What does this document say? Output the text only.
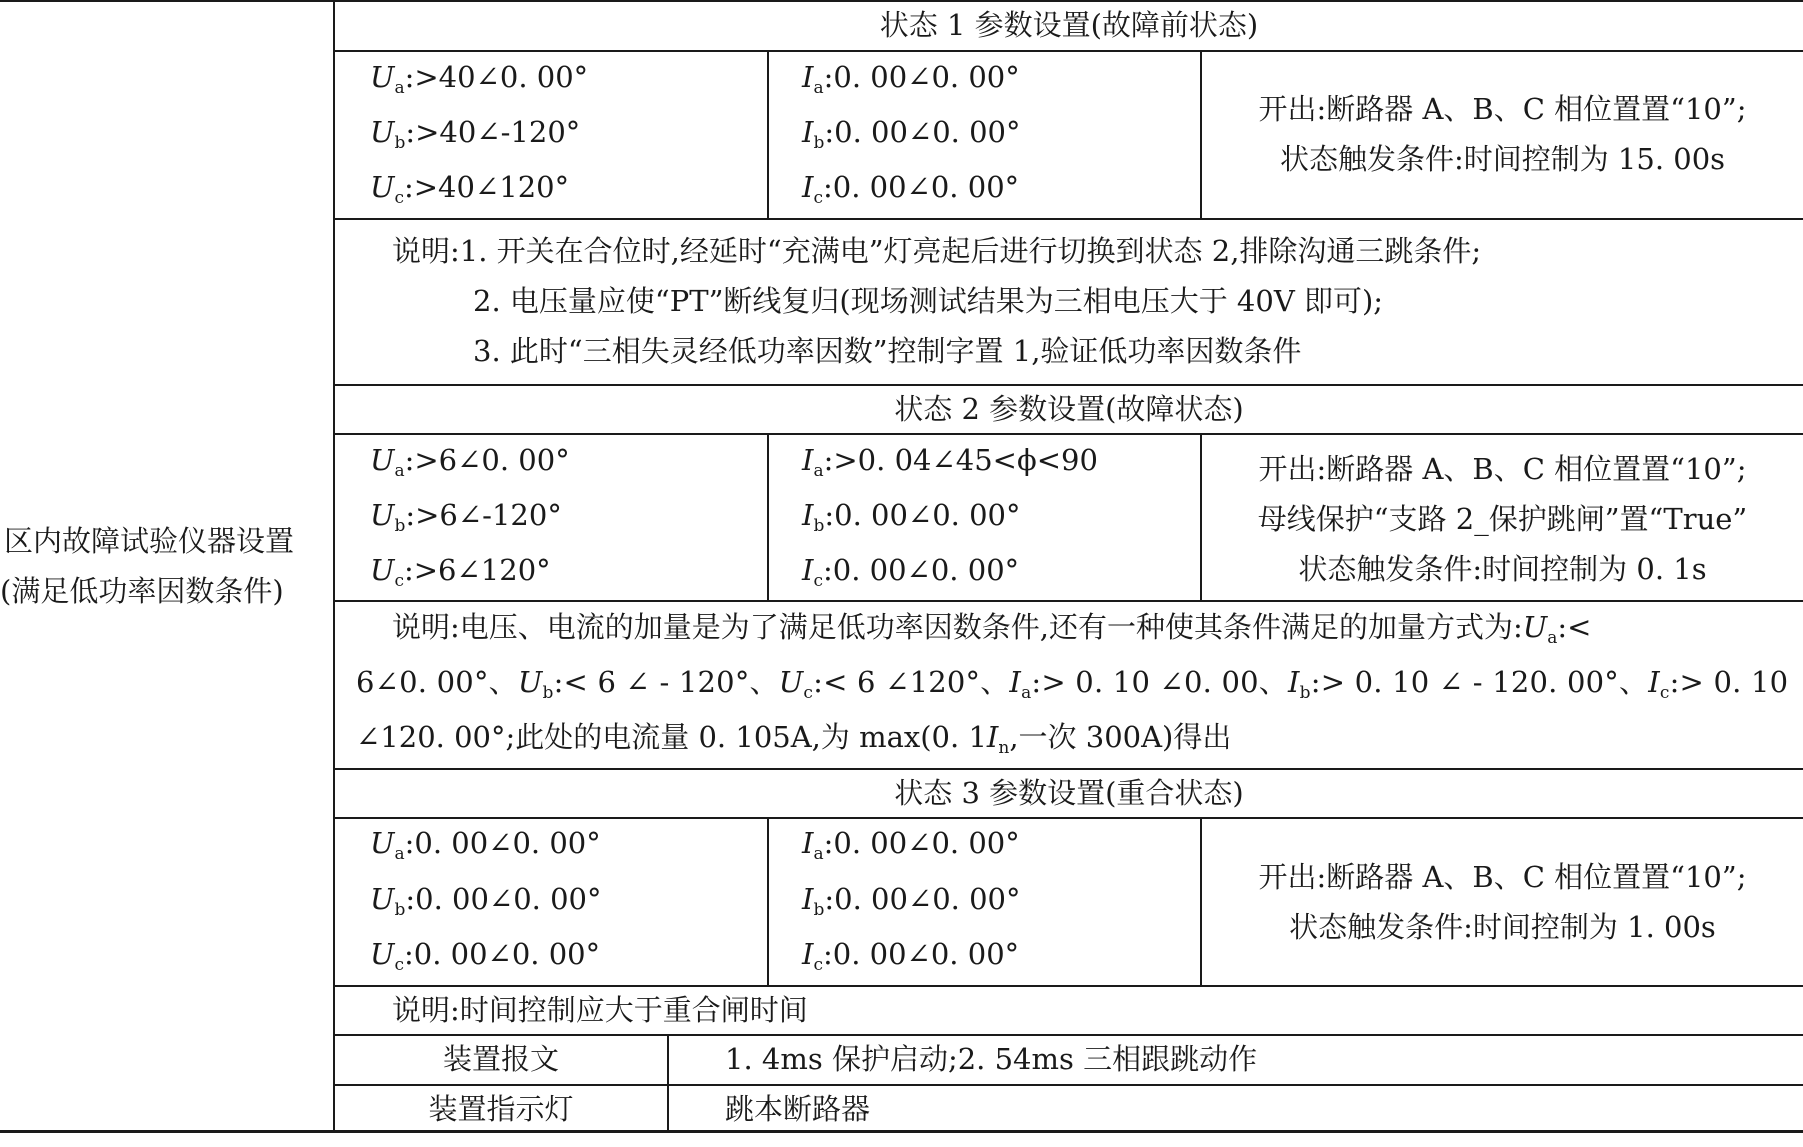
区内故障试验仪器设置
(满足低功率因数条件)
状态 1 参数设置(故障前状态)
$U_a:>40\angle 0$. 00°
$U_b:>40\angle-120^\circ$
$U_c:>40\angle 120^\circ$
$I_a:0$. 00∠0. 00°
$I_b:0$. 00∠0. 00°
$I_c:0$. 00∠0. 00°
开出:断路器 A、B、C 相位置置“10”;
状态触发条件:时间控制为 15. 00s
说明:1. 开关在合位时,经延时“充满电”灯亮起后进行切换到状态 2,排除沟通三跳条件;
2. 电压量应使“PT”断线复归(现场测试结果为三相电压大于 40V 即可);
3. 此时“三相失灵经低功率因数”控制字置 1,验证低功率因数条件
状态 2 参数设置(故障状态)
$U_a:>6\angle 0$. 00°
$U_b:>6\angle-120^\circ$
$U_c:>6\angle 120^\circ$
$I_a:>0$. 04∠45<ϕ<90
$I_b:0$. 00∠0. 00°
$I_c:0$. 00∠0. 00°
开出:断路器 A、B、C 相位置置“10”;
母线保护“支路 2_保护跳闸”置“True”
状态触发条件:时间控制为 0. 1s
说明:电压、电流的加量是为了满足低功率因数条件,还有一种使其条件满足的加量方式为$:U_a:<$
6∠0. 00°、$U_b:< 6$ ∠ - 120°、$U_c:< 6$ ∠120°、$I_a:> 0$. 10 ∠0. 00、$I_b:> 0$. 10 ∠ - 120. 00°、$I_c:> 0$. 10
∠120. 00°;此处的电流量 0. 105A,为 max(0. $1I_n$,一次 300A)得出
状态 3 参数设置(重合状态)
$U_a:0$. 00∠0. 00°
$U_b:0$. 00∠0. 00°
$U_c:0$. 00∠0. 00°
$I_a:0$. 00∠0. 00°
$I_b:0$. 00∠0. 00°
$I_c:0$. 00∠0. 00°
开出:断路器 A、B、C 相位置置“10”;
状态触发条件:时间控制为 1. 00s
说明:时间控制应大于重合闸时间
装置报文	1. 4ms 保护启动;2. 54ms 三相跟跳动作
装置指示灯	跳本断路器
